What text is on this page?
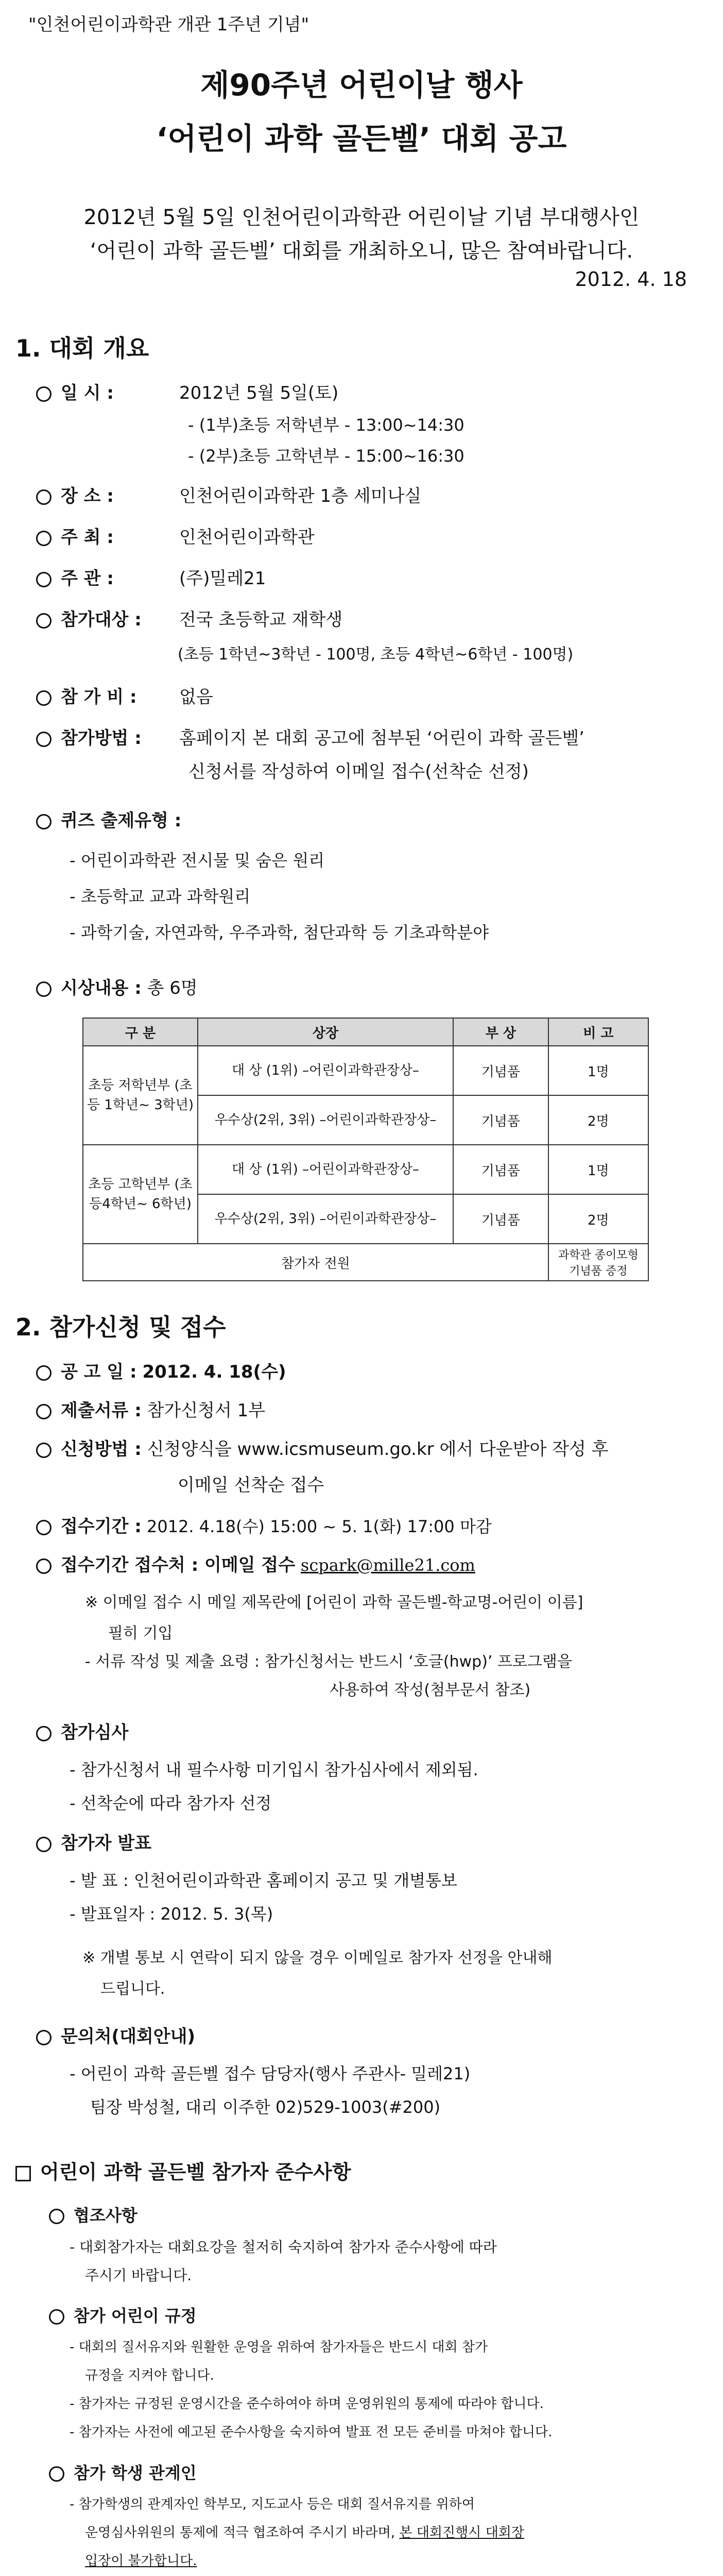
"인천어린이과학관 개관 1주년 기념"
제90주년 어린이날 행사
‘어린이 과학 골든벨’ 대회 공고
2012년 5월 5일 인천어린이과학관 어린이날 기념 부대행사인
‘어린이 과학 골든벨’ 대회를 개최하오니, 많은 참여바랍니다.
2012. 4. 18
1. 대회 개요
일 시 :	2012년 5월 5일(토)
- (1부)초등 저학년부 - 13:00~14:30
- (2부)초등 고학년부 - 15:00~16:30
장 소 :	인천어린이과학관 1층 세미나실
주 최 :	인천어린이과학관
주 관 :	(주)밀레21
참가대상 : 전국 초등학교 재학생
(초등 1학년~3학년 - 100명, 초등 4학년~6학년 - 100명)
참 가 비 : 없음
참가방법 : 홈페이지 본 대회 공고에 첨부된 ‘어린이 과학 골든벨’
신청서를 작성하여 이메일 접수(선착순 선정)
퀴즈 출제유형 :
- 어린이과학관 전시물 및 숨은 원리
- 초등학교 교과 과학원리
- 과학기술, 자연과학, 우주과학, 첨단과학 등 기초과학분야
시상내용 : 총 6명
구 분	상장	부 상	비 고
초등 저학년부 (초등 1학년~ 3학년)	대 상 (1위) –어린이과학관장상–	기념품	1명
	우수상(2위, 3위) –어린이과학관장상–	기념품	2명
초등 고학년부 (초등4학년~ 6학년)	대 상 (1위) –어린이과학관장상–	기념품	1명
	우수상(2위, 3위) –어린이과학관장상–	기념품	2명
참가자 전원			과학관 종이모형 기념품 증정
2. 참가신청 및 접수
공 고 일 : 2012. 4. 18(수)
제출서류 : 참가신청서 1부
신청방법 : 신청양식을 www.icsmuseum.go.kr 에서 다운받아 작성 후
이메일 선착순 접수
접수기간 : 2012. 4.18(수) 15:00 ~ 5. 1(화) 17:00 마감
접수기간 접수처 : 이메일 접수 scpark@mille21.com
※ 이메일 접수 시 메일 제목란에 [어린이 과학 골든벨-학교명-어린이 이름]
필히 기입
- 서류 작성 및 제출 요령 : 참가신청서는 반드시 ‘호글(hwp)’ 프로그램을
사용하여 작성(첨부문서 참조)
참가심사
- 참가신청서 내 필수사항 미기입시 참가심사에서 제외됨.
- 선착순에 따라 참가자 선정
참가자 발표
- 발 표 : 인천어린이과학관 홈페이지 공고 및 개별통보
- 발표일자 : 2012. 5. 3(목)
※ 개별 통보 시 연락이 되지 않을 경우 이메일로 참가자 선정을 안내해
드립니다.
문의처(대회안내)
- 어린이 과학 골든벨 접수 담당자(행사 주관사- 밀레21)
팀장 박성철, 대리 이주한 02)529-1003(#200)
어린이 과학 골든벨 참가자 준수사항
협조사항
- 대회참가자는 대회요강을 철저히 숙지하여 참가자 준수사항에 따라
주시기 바랍니다.
참가 어린이 규정
- 대회의 질서유지와 원활한 운영을 위하여 참가자들은 반드시 대회 참가
규정을 지켜야 합니다.
- 참가자는 규정된 운영시간을 준수하여야 하며 운영위원의 통제에 따라야 합니다.
- 참가자는 사전에 예고된 준수사항을 숙지하여 발표 전 모든 준비를 마쳐야 합니다.
참가 학생 관계인
- 참가학생의 관계자인 학부모, 지도교사 등은 대회 질서유지를 위하여
운영심사위원의 통제에 적극 협조하여 주시기 바라며, 본 대회진행시 대회장
입장이 불가합니다.
